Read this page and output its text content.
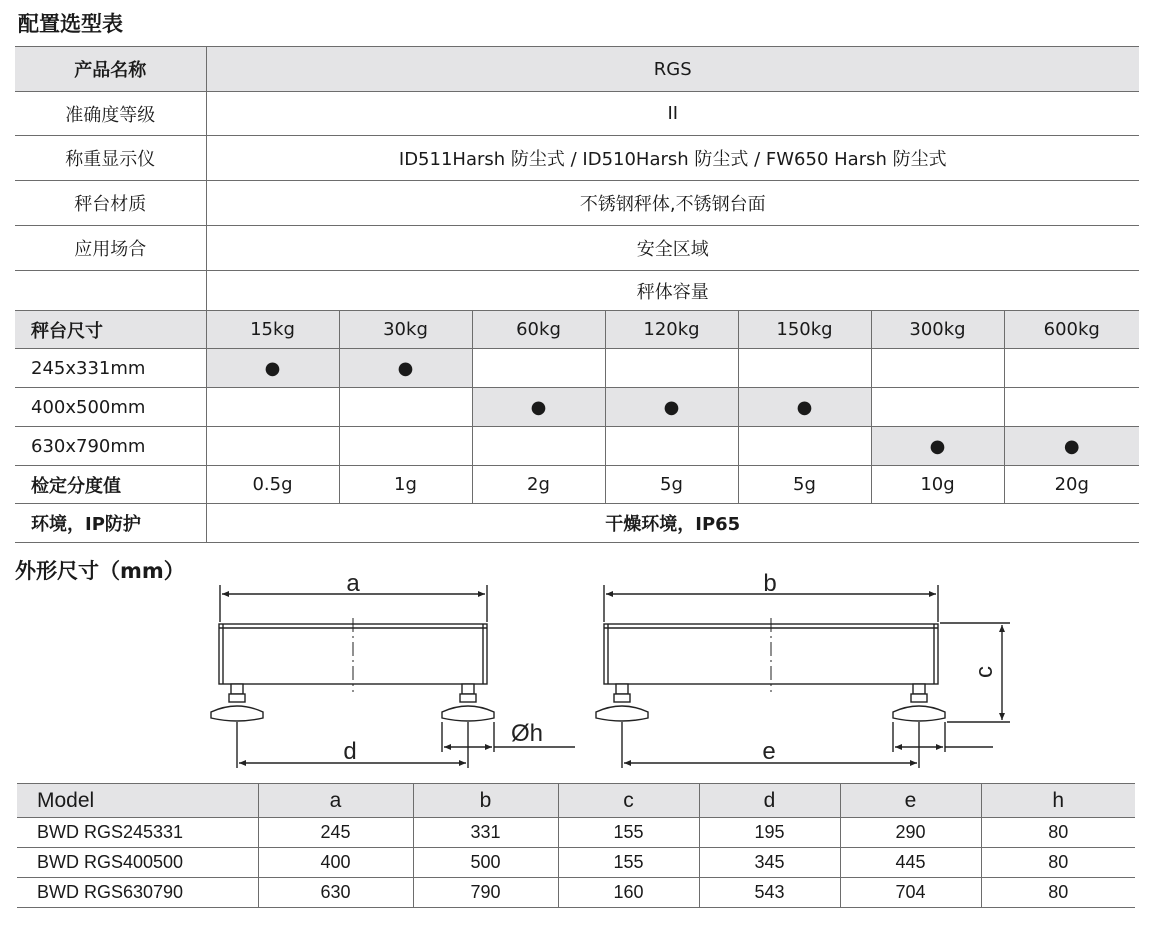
配置选型表
产品名称	RGS						
准确度等级	II						
称重显示仪	ID511Harsh 防尘式 / ID510Harsh 防尘式 / FW650 Harsh 防尘式						
秤台材质	不锈钢秤体,不锈钢台面						
应用场合	安全区域						
	秤体容量						
秤台尺寸	15kg	30kg	60kg	120kg	150kg	300kg	600kg
245x331mm	●	●					
400x500mm			●	●	●		
630x790mm						●	●
检定分度值	0.5g	1g	2g	5g	5g	10g	20g
环境，IP防护	干燥环境，IP65						
外形尺寸（mm）	a	b
d	e
Øh
c
Model	a	b	c	d	e	h
BWD RGS245331	245	331	155	195	290	80
BWD RGS400500	400	500	155	345	445	80
BWD RGS630790	630	790	160	543	704	80
